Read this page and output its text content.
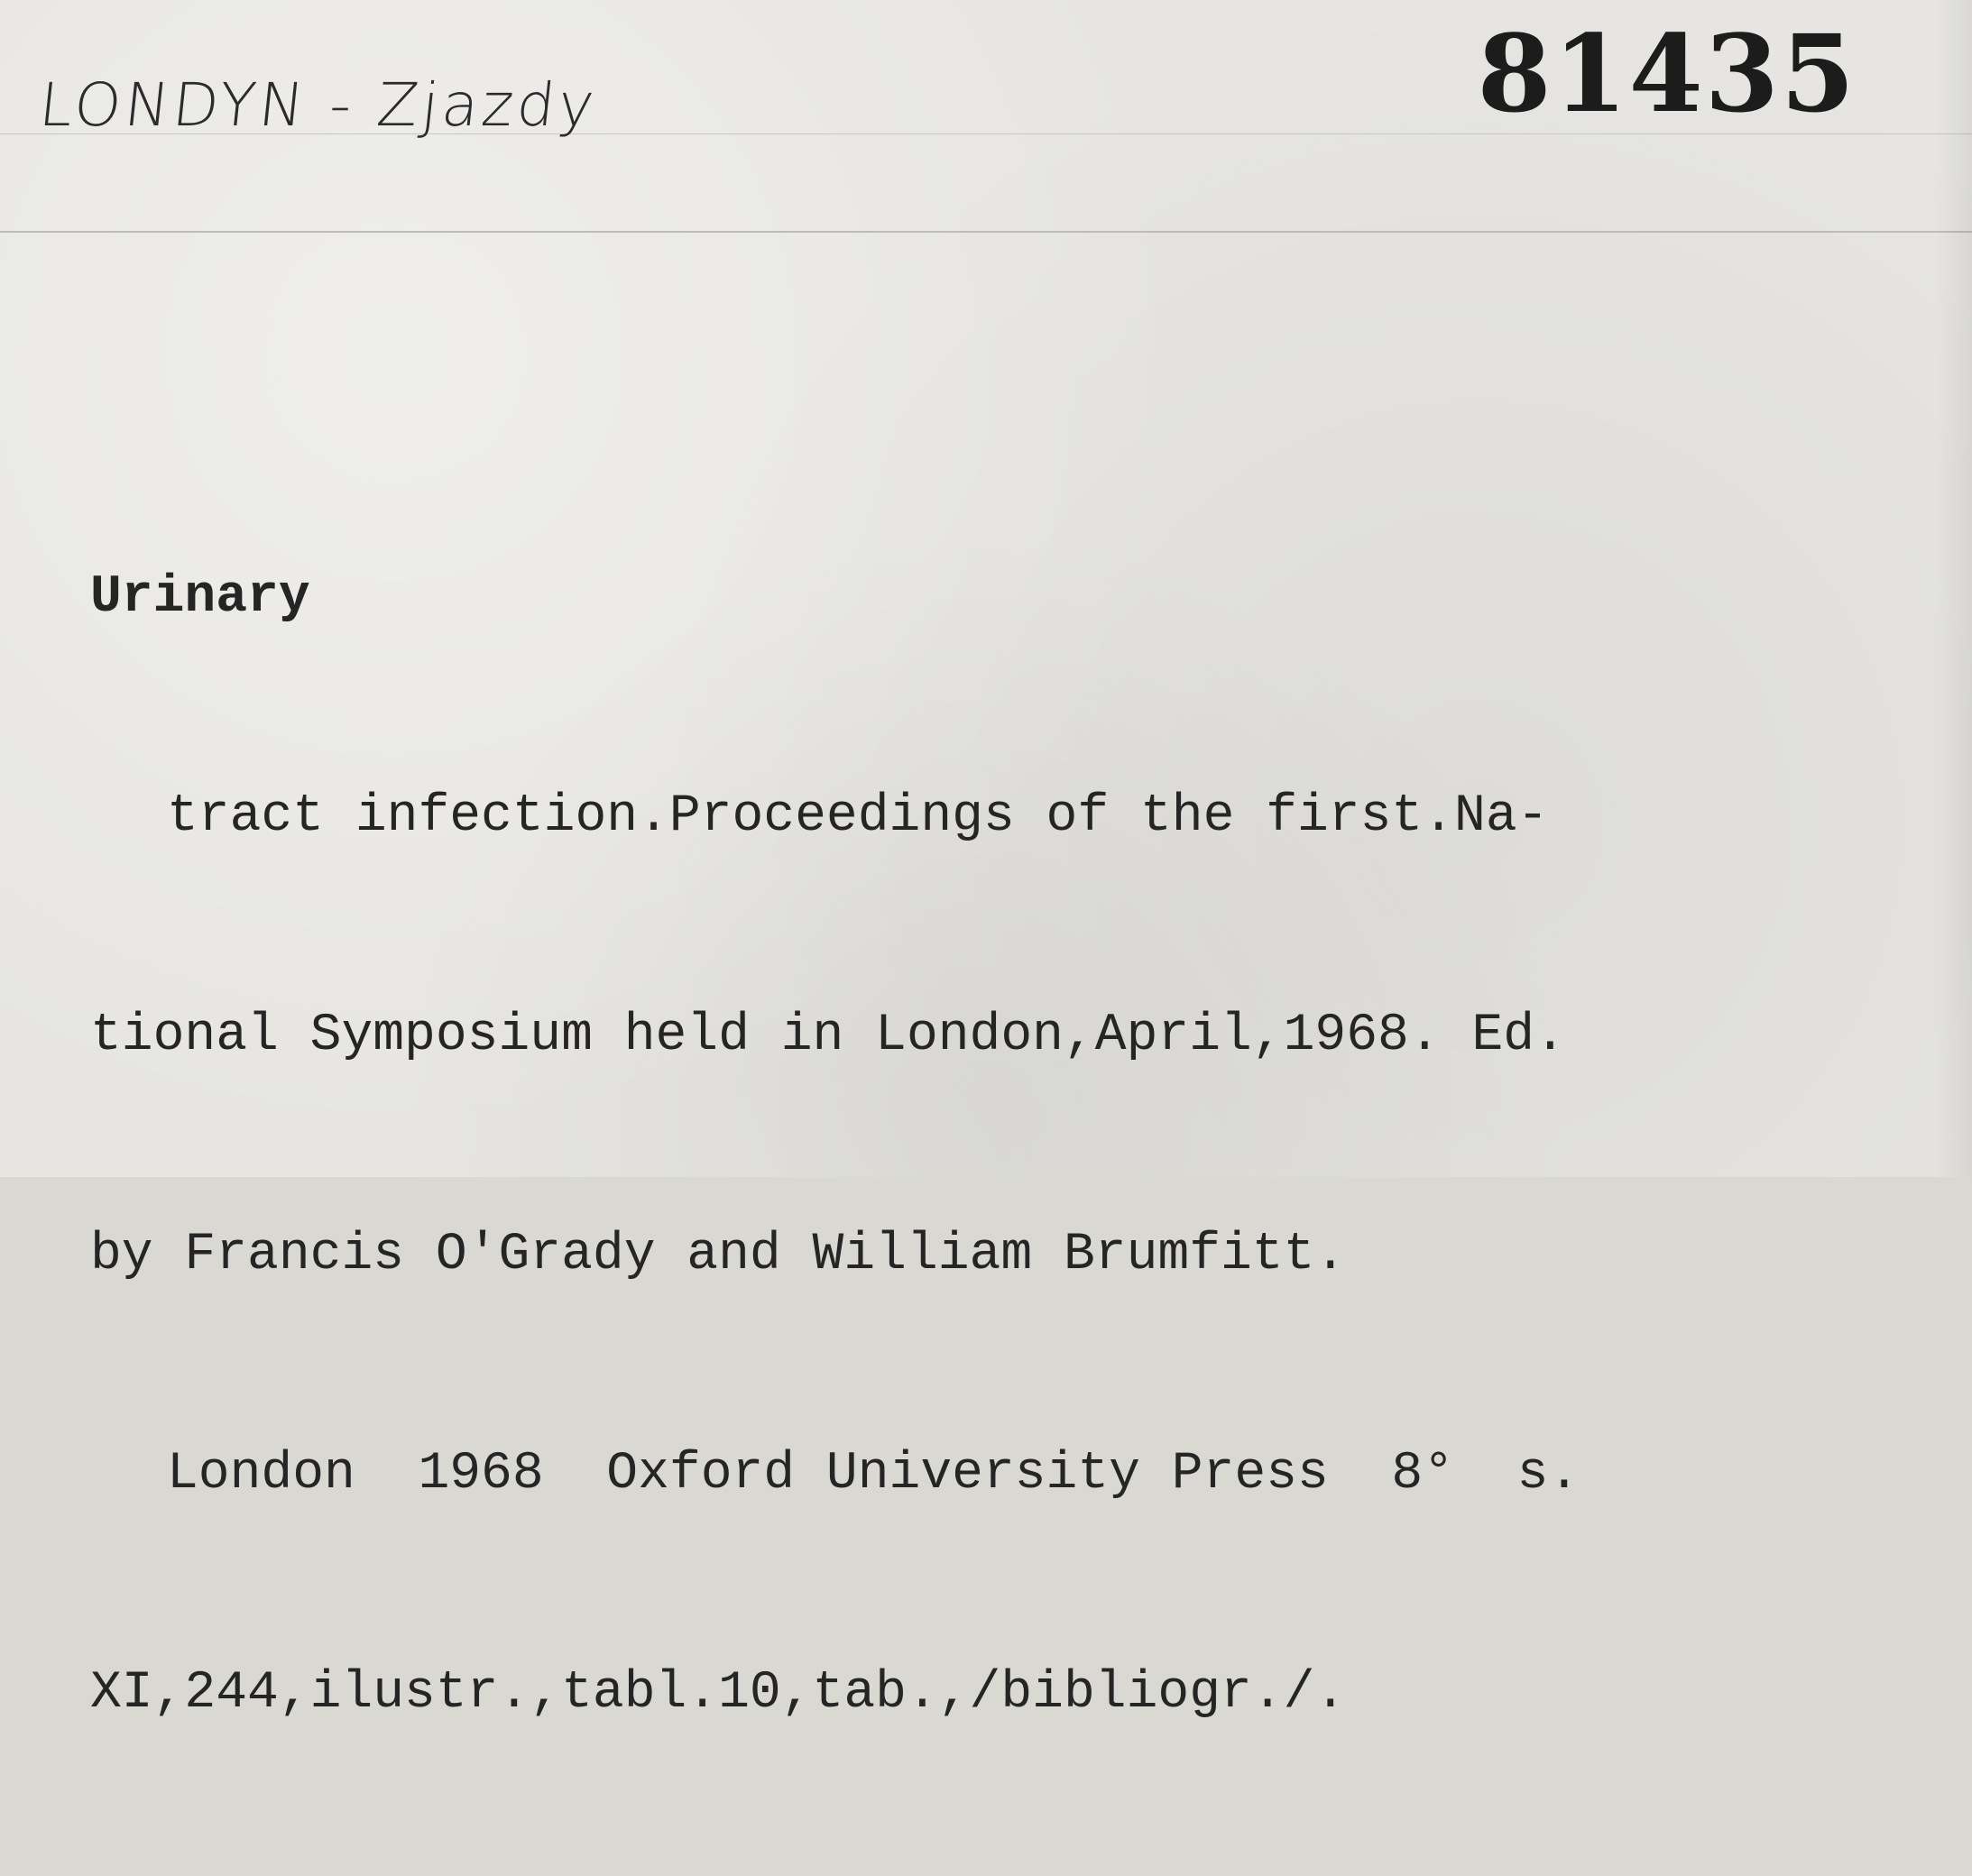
LONDYN - Zjazdy	81435

Urinary

tract infection.Proceedings of the first.Na-

tional Symposium held in London,April,1968. Ed.

by Francis O'Grady and William Brumfitt.

London  1968  Oxford University Press  8°  s.

XI,244,ilustr.,tabl.10,tab.,/bibliogr./.
